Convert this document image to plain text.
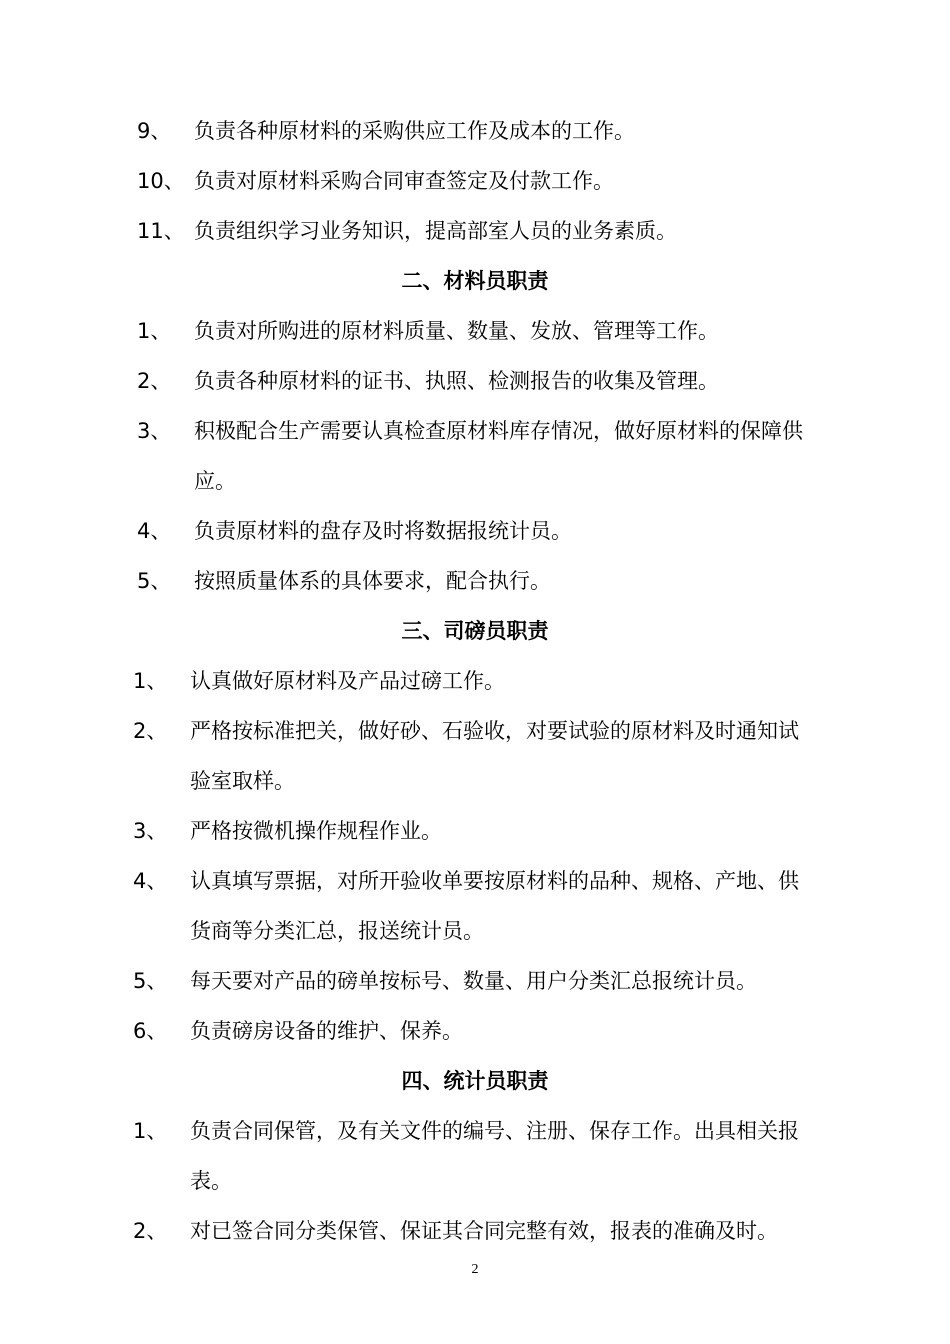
9、 负责各种原材料的采购供应工作及成本的工作。
10、 负责对原材料采购合同审查签定及付款工作。
11、 负责组织学习业务知识，提高部室人员的业务素质。
二、材料员职责
1、 负责对所购进的原材料质量、数量、发放、管理等工作。
2、 负责各种原材料的证书、执照、检测报告的收集及管理。
3、 积极配合生产需要认真检查原材料库存情况，做好原材料的保障供
应。
4、 负责原材料的盘存及时将数据报统计员。
5、 按照质量体系的具体要求，配合执行。
三、司磅员职责
1、 认真做好原材料及产品过磅工作。
2、 严格按标准把关，做好砂、石验收，对要试验的原材料及时通知试
验室取样。
3、 严格按微机操作规程作业。
4、 认真填写票据，对所开验收单要按原材料的品种、规格、产地、供
货商等分类汇总，报送统计员。
5、 每天要对产品的磅单按标号、数量、用户分类汇总报统计员。
6、 负责磅房设备的维护、保养。
四、统计员职责
1、 负责合同保管，及有关文件的编号、注册、保存工作。出具相关报
表。
2、 对已签合同分类保管、保证其合同完整有效，报表的准确及时。
2
